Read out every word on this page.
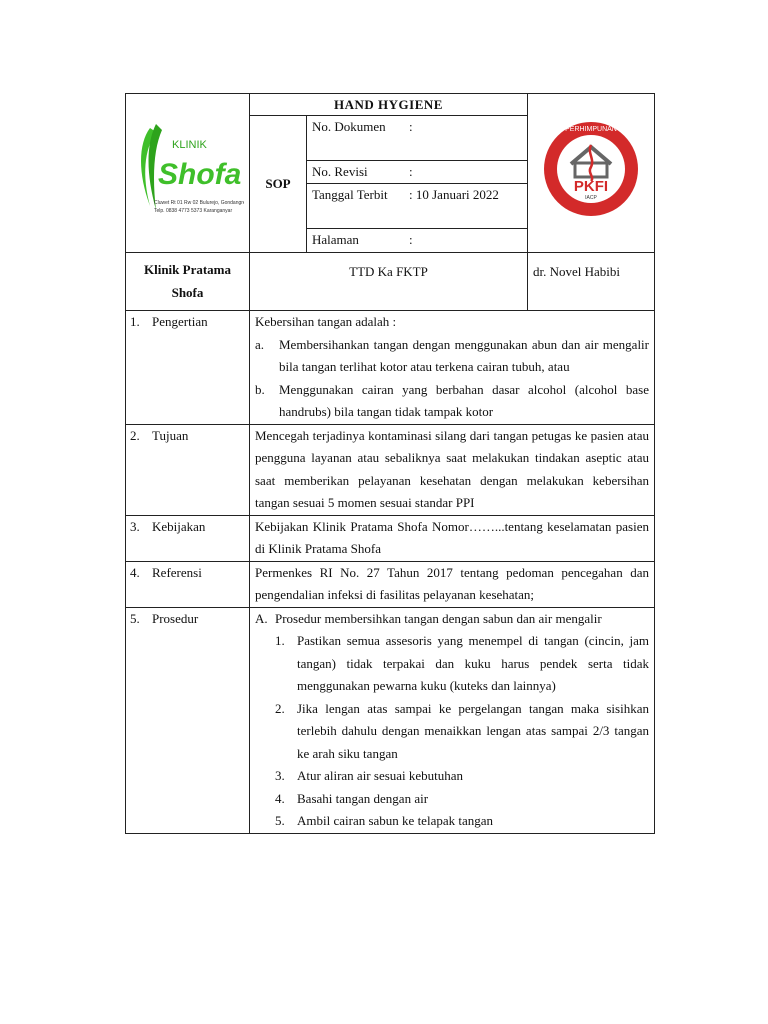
KLINIK
Shofa
Cluwet Rt 01 Rw 02 Bulurejo, Gondangrejo
Telp. 0838 4773 5373 Karanganyar
	HAND HYGIENE	
PKFI
IACP
PERHIMPUNAN

SOP	
No. Dokumen	:
No. Revisi	:
Tanggal Terbit	: 10 Januari 2022
Halaman	:

Klinik Pratama Shofa	TTD Ka FKTP	dr. Novel Habibi
1. Pengertian	Kebersihan tangan adalah :
a.	Membersihankan tangan dengan menggunakan abun dan air mengalir bila tangan terlihat kotor atau terkena cairan tubuh, atau
b.	Menggunakan cairan yang berbahan dasar alcohol (alcohol base handrubs) bila tangan tidak tampak kotor

2. Tujuan	Mencegah terjadinya kontaminasi silang dari tangan petugas ke pasien atau pengguna layanan atau sebaliknya saat melakukan tindakan aseptic atau saat memberikan pelayanan kesehatan dengan melakukan kebersihan tangan sesuai 5 momen sesuai standar PPI
3. Kebijakan	Kebijakan Klinik Pratama Shofa Nomor……...tentang keselamatan pasien di Klinik Pratama Shofa
4. Referensi	Permenkes RI No. 27 Tahun 2017 tentang pedoman pencegahan dan pengendalian infeksi di fasilitas pelayanan kesehatan;
5. Prosedur	A. Prosedur membersihkan tangan dengan sabun dan air mengalir
1. Pastikan semua assesoris yang menempel di tangan (cincin, jam tangan) tidak terpakai dan kuku harus pendek serta tidak menggunakan pewarna kuku (kuteks dan lainnya)
2. Jika lengan atas sampai ke pergelangan tangan maka sisihkan terlebih dahulu dengan menaikkan lengan atas sampai 2/3 tangan ke arah siku tangan
3. Atur aliran air sesuai kebutuhan
4. Basahi tangan dengan air
5. Ambil cairan sabun ke telapak tangan
